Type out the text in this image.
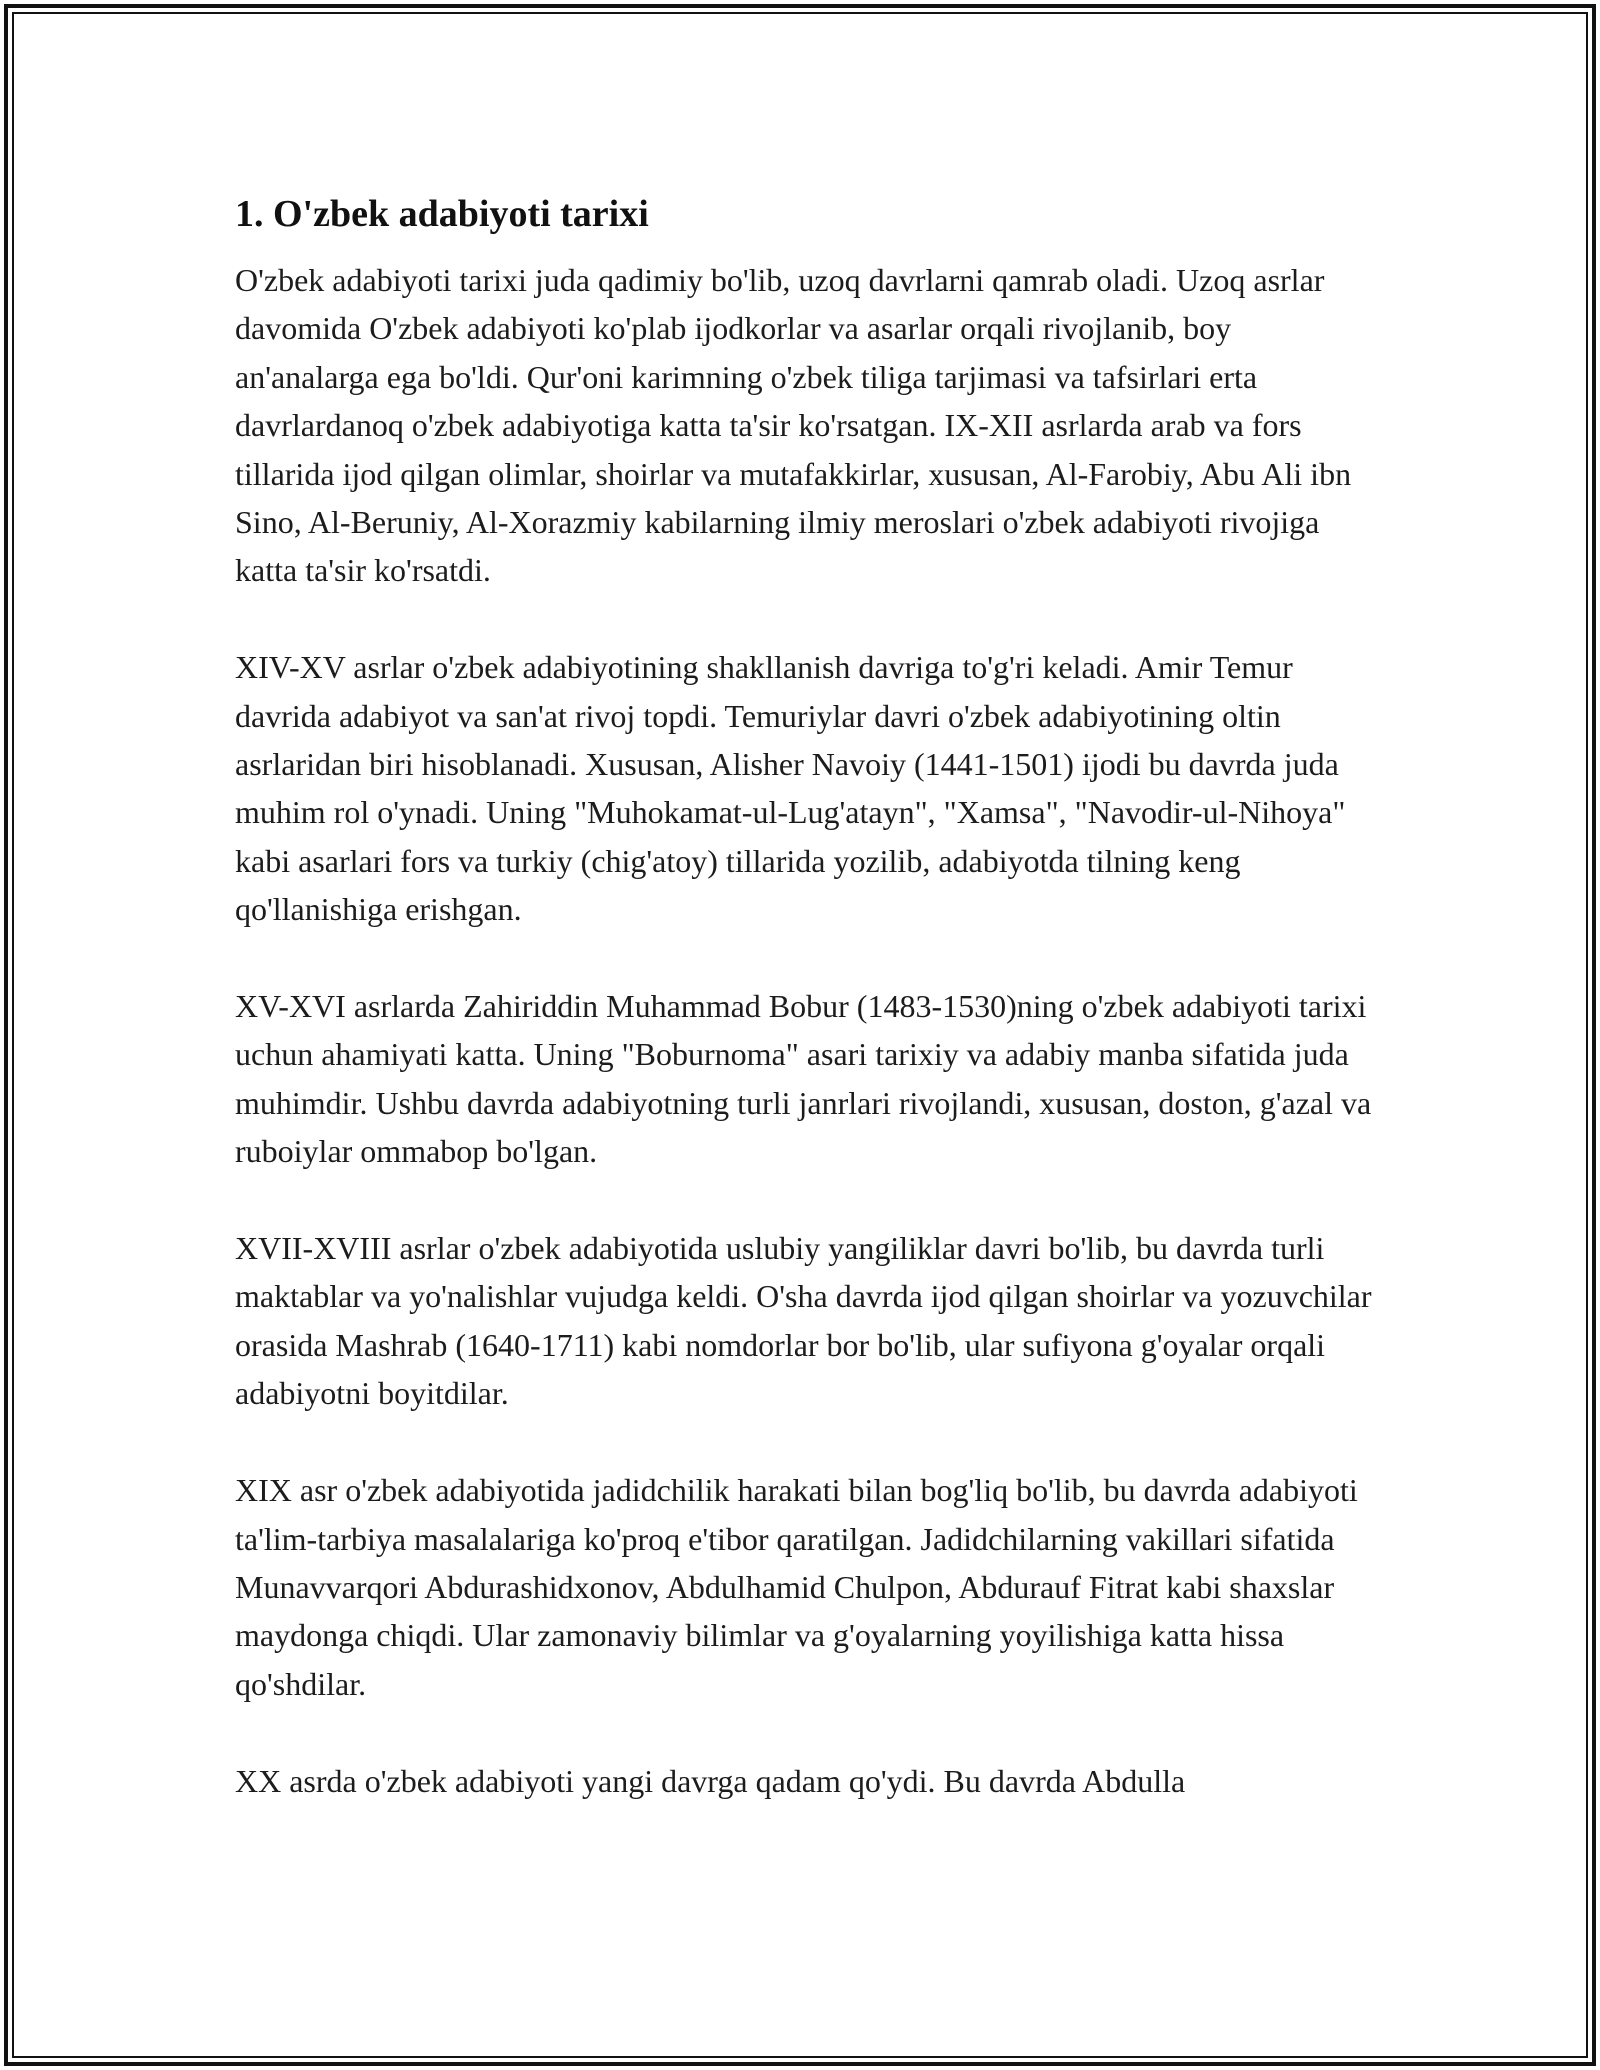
1. O'zbek adabiyoti tarixi

O'zbek adabiyoti tarixi juda qadimiy bo'lib, uzoq davrlarni qamrab oladi. Uzoq asrlar davomida O'zbek adabiyoti ko'plab ijodkorlar va asarlar orqali rivojlanib, boy an'analarga ega bo'ldi. Qur'oni karimning o'zbek tiliga tarjimasi va tafsirlari erta davrlardanoq o'zbek adabiyotiga katta ta'sir ko'rsatgan. IX-XII asrlarda arab va fors tillarida ijod qilgan olimlar, shoirlar va mutafakkirlar, xususan, Al-Farobiy, Abu Ali ibn Sino, Al-Beruniy, Al-Xorazmiy kabilarning ilmiy meroslari o'zbek adabiyoti rivojiga katta ta'sir ko'rsatdi.

XIV-XV asrlar o'zbek adabiyotining shakllanish davriga to'g'ri keladi. Amir Temur davrida adabiyot va san'at rivoj topdi. Temuriylar davri o'zbek adabiyotining oltin asrlaridan biri hisoblanadi. Xususan, Alisher Navoiy (1441-1501) ijodi bu davrda juda muhim rol o'ynadi. Uning "Muhokamat-ul-Lug'atayn", "Xamsa", "Navodir-ul-Nihoya" kabi asarlari fors va turkiy (chig'atoy) tillarida yozilib, adabiyotda tilning keng qo'llanishiga erishgan.

XV-XVI asrlarda Zahiriddin Muhammad Bobur (1483-1530)ning o'zbek adabiyoti tarixi uchun ahamiyati katta. Uning "Boburnoma" asari tarixiy va adabiy manba sifatida juda muhimdir. Ushbu davrda adabiyotning turli janrlari rivojlandi, xususan, doston, g'azal va ruboiylar ommabop bo'lgan.

XVII-XVIII asrlar o'zbek adabiyotida uslubiy yangiliklar davri bo'lib, bu davrda turli maktablar va yo'nalishlar vujudga keldi. O'sha davrda ijod qilgan shoirlar va yozuvchilar orasida Mashrab (1640-1711) kabi nomdorlar bor bo'lib, ular sufiyona g'oyalar orqali adabiyotni boyitdilar.

XIX asr o'zbek adabiyotida jadidchilik harakati bilan bog'liq bo'lib, bu davrda adabiyoti ta'lim-tarbiya masalalariga ko'proq e'tibor qaratilgan. Jadidchilarning vakillari sifatida Munavvarqori Abdurashidxonov, Abdulhamid Chulpon, Abdurauf Fitrat kabi shaxslar maydonga chiqdi. Ular zamonaviy bilimlar va g'oyalarning yoyilishiga katta hissa qo'shdilar.

XX asrda o'zbek adabiyoti yangi davrga qadam qo'ydi. Bu davrda Abdulla
